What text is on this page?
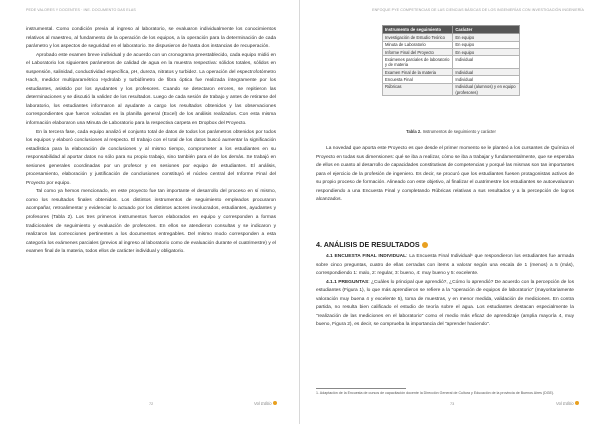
PEDE VALORES Y DOCENTES · INE. DOCUMENTO DAS ELAS

instrumental. Como condición previa al ingreso al laboratorio, se evaluaron individualmente los conocimientos relativos al maestreo, al fundamento de la operación de los equipos, a la operación para la determinación de cada parámetro y los aspectos de seguridad en el laboratorio. Se dispusieron de hasta dos instancias de recuperación.

Aprobado este examen breve individual y de acuerdo con un cronograma preestablecido, cada equipo midió en el Laboratorio los siguientes parámetros de calidad de agua en la muestra respectiva: sólidos totales, sólidos en suspensión, salinidad, conductividad específica, pH, dureza, nitratos y turbidez. La operación del espectrofotómetro Hach, medidor multiparamétrico Hydrolab y turbidímetro de fibra óptica fue realizada íntegramente por los estudiantes, asistido por los ayudantes y los profesores. Cuando se detectaron errores, se repitieron las determinaciones y se discutió la validez de los resultados. Luego de cada sesión de trabajo y antes de retirarse del laboratorio, los estudiantes informaron al ayudante a cargo los resultados obtenidos y las observaciones correspondientes que fueron volcadas en la planilla general (Excel) de los análisis realizados. Con esta misma información elaboraron una Minuta de Laboratorio para la respectiva carpeta en Dropbox del Proyecto.

En la tercera fase, cada equipo analizó el conjunto total de datos de todos los parámetros obtenidos por todos los equipos y elaboró conclusiones al respecto. El trabajo con el total de los datos buscó aumentar la significación estadística para la elaboración de conclusiones y al mismo tiempo, comprometer a los estudiantes en su responsabilidad al aportar datos no sólo para su propio trabajo, sino también para el de los demás. Se trabajó en sesiones generales coordinadas por un profesor y en sesiones por equipo de estudiantes. El análisis, procesamiento, elaboración y justificación de conclusiones constituyó el núcleo central del Informe Final del Proyecto por equipo.

Tal como ya hemos mencionado, en este proyecto fue tan importante el desarrollo del proceso en sí mismo, como los resultados finales obtenidos. Los distintos instrumentos de seguimiento empleados procuraron acompañar, retroalimentar y evidenciar lo actuado por los distintos actores involucrados, estudiantes, ayudantes y profesores (Tabla 2). Los tres primeros instrumentos fueron elaborados en equipo y corresponden a formas tradicionales de seguimiento y evaluación de profesores. En ellos se atendieron consultas y se indicaron y realizaron las correcciones pertinentes a los documentos entregables. Del mismo modo corresponden a esta categoría los exámenes parciales (previos al ingreso al laboratorio como de evaluación durante el cuatrimestre) y el examen final de la materia, todos ellos de carácter individual y obligatorio.

72	Vol Editio
ENFOQUE PYE COMPETENCIAS DE LAS CIENCIAS BÁSICAS DE LOS INGENIERÍAS CON INVESTIGACIÓN INGENIERÍA
Instrumento de seguimiento	Carácter
Investigación de Estudio Teórico	En equipo
Minuta de Laboratorio	En equipo
Informe Final del Proyecto	En equipo
Exámenes parciales de laboratorio y de materia	Individual
Examen Final de la materia	Individual
Encuesta Final	Individual
Rúbricas	Individual (alumnos) y en equipo (profesores)
Tabla 2. Instrumentos de seguimiento y carácter

La novedad que aporta este Proyecto es que desde el primer momento se le planteó a los cursantes de Química el Proyecto en todas sus dimensiones: qué se iba a realizar, cómo se iba a trabajar y fundamentalmente, que se esperaba de ellos en cuanto al desarrollo de capacidades constitutivas de competencias y porqué las mismas son tan importantes para el ejercicio de la profesión de ingeniero. Es decir, se procuró que los estudiantes fuesen protagonistas activos de su propio proceso de formación. Alineado con este objetivo, al finalizar el cuatrimestre los estudiantes se autoevaluaron respondiendo a una Encuesta Final y completando Rúbricas relativas a sus resultados y a la percepción de logros alcanzados.

4. ANÁLISIS DE RESULTADOS

4.1 ENCUESTA FINAL INDIVIDUAL: La Encuesta Final Individual¹ que respondieron los estudiantes fue armada sobre cinco preguntas, cuatro de ellas cerradas con items a valorar según una escala de 1 (menos) a 5 (más), correspondiendo 1: malo, 2: regular, 3: bueno, 4: muy bueno y 5: excelente.

4.1.1 PREGUNTAS: ¿Cuáles lo principal que aprendió?, ¿Cómo lo aprendió? De acuerdo con la percepción de los estudiantes (Figura 1), lo que más aprendieron se refiere a la "operación de equipos de laboratorio" (mayoritariamente valoración muy buena 4 y excelente 5), toma de muestras, y en menor medida, validación de mediciones. En contra partida, no resulta bien calificado el estudio de teoría sobre el agua. Los estudiantes destacan especialmente la "realización de las mediciones en el laboratorio" como el medio más eficaz de aprendizaje (amplia mayoría 4, muy bueno, Figura 2), es decir, se comprueba la importancia del "aprender haciendo".

1. Adaptación de la Encuesta de cursos de capacitación docente la Dirección General de Cultura y Educación de la provincia de Buenos Aires (DGE).
73	Vol Editio
